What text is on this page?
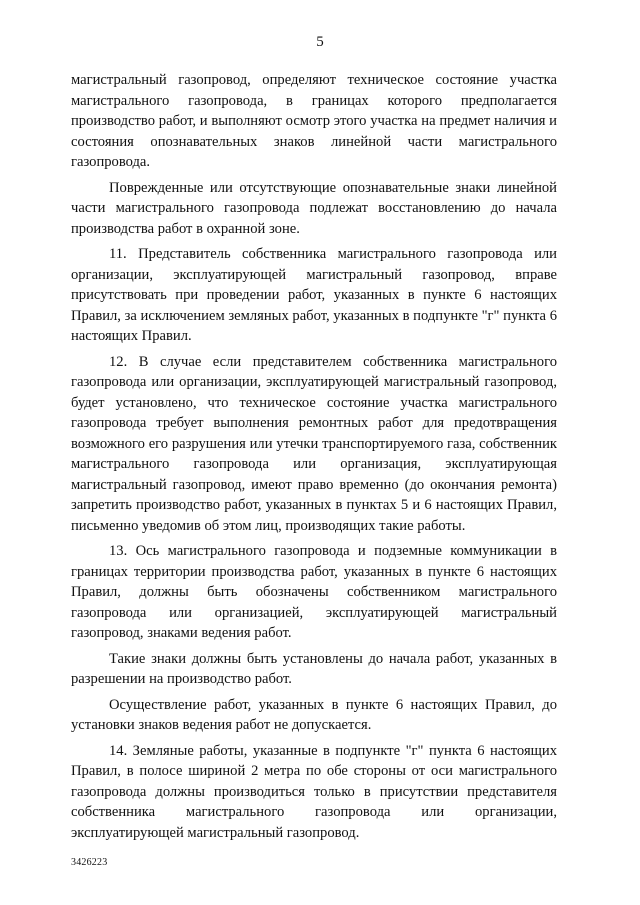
5

магистральный газопровод, определяют техническое состояние участка магистрального газопровода, в границах которого предполагается производство работ, и выполняют осмотр этого участка на предмет наличия и состояния опознавательных знаков линейной части магистрального газопровода.

Поврежденные или отсутствующие опознавательные знаки линейной части магистрального газопровода подлежат восстановлению до начала производства работ в охранной зоне.

11. Представитель собственника магистрального газопровода или организации, эксплуатирующей магистральный газопровод, вправе присутствовать при проведении работ, указанных в пункте 6 настоящих Правил, за исключением земляных работ, указанных в подпункте "г" пункта 6 настоящих Правил.

12. В случае если представителем собственника магистрального газопровода или организации, эксплуатирующей магистральный газопровод, будет установлено, что техническое состояние участка магистрального газопровода требует выполнения ремонтных работ для предотвращения возможного его разрушения или утечки транспортируемого газа, собственник магистрального газопровода или организация, эксплуатирующая магистральный газопровод, имеют право временно (до окончания ремонта) запретить производство работ, указанных в пунктах 5 и 6 настоящих Правил, письменно уведомив об этом лиц, производящих такие работы.

13. Ось магистрального газопровода и подземные коммуникации в границах территории производства работ, указанных в пункте 6 настоящих Правил, должны быть обозначены собственником магистрального газопровода или организацией, эксплуатирующей магистральный газопровод, знаками ведения работ.

Такие знаки должны быть установлены до начала работ, указанных в разрешении на производство работ.

Осуществление работ, указанных в пункте 6 настоящих Правил, до установки знаков ведения работ не допускается.

14. Земляные работы, указанные в подпункте "г" пункта 6 настоящих Правил, в полосе шириной 2 метра по обе стороны от оси магистрального газопровода должны производиться только в присутствии представителя собственника магистрального газопровода или организации, эксплуатирующей магистральный газопровод.

3426223
